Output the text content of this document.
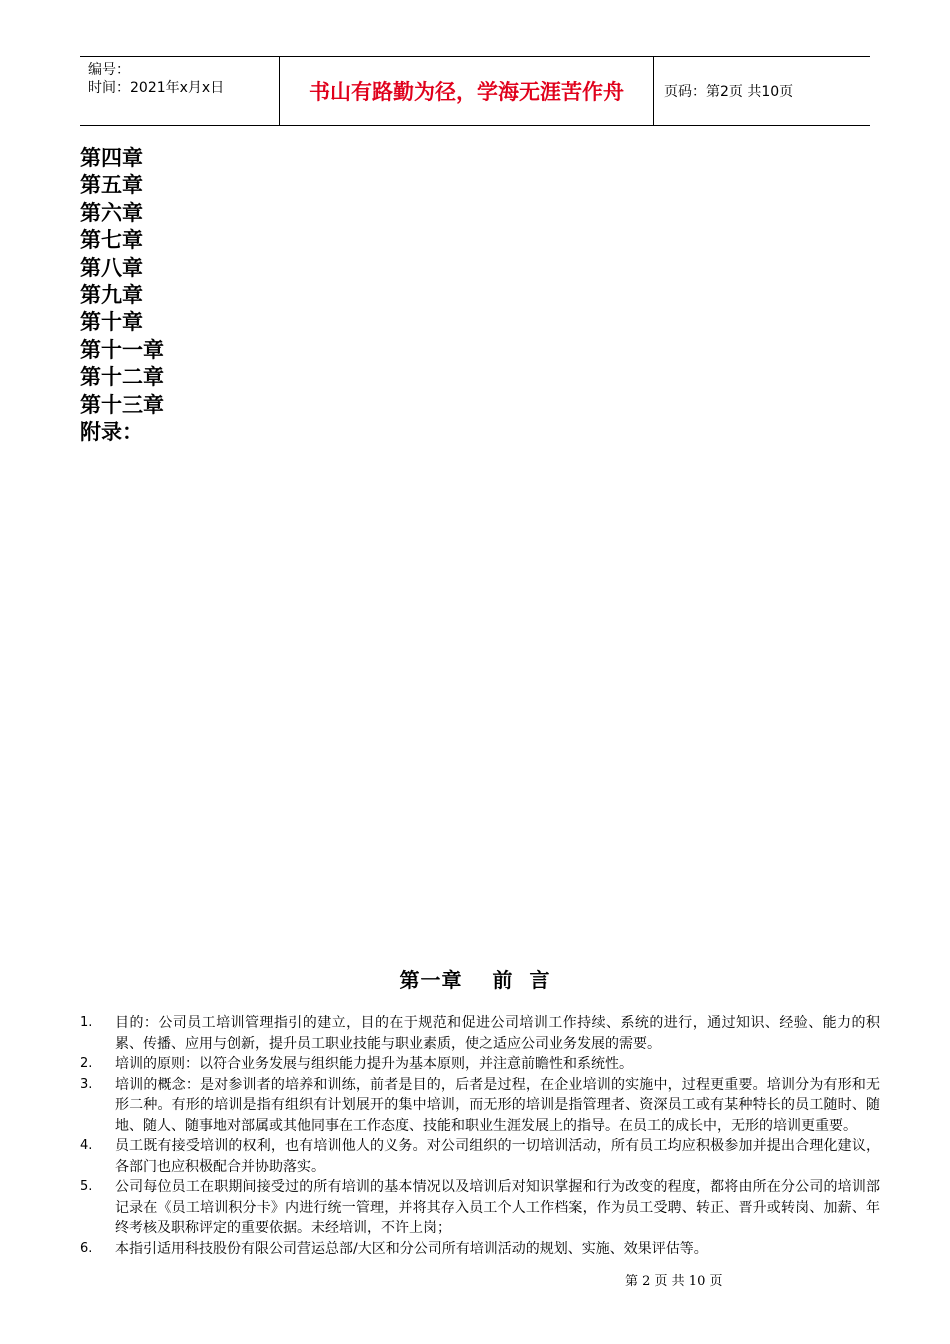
编号：
时间：2021年x月x日	书山有路勤为径，学海无涯苦作舟	页码：第2页 共10页
第四章
第五章
第六章
第七章
第八章
第九章
第十章
第十一章
第十二章
第十三章
附录：
第一章 前  言
1.	目的：公司员工培训管理指引的建立，目的在于规范和促进公司培训工作持续、系统的进行，通过知识、经验、能力的积累、传播、应用与创新，提升员工职业技能与职业素质，使之适应公司业务发展的需要。
2.	培训的原则：以符合业务发展与组织能力提升为基本原则，并注意前瞻性和系统性。
3.	培训的概念：是对参训者的培养和训练，前者是目的，后者是过程，在企业培训的实施中，过程更重要。培训分为有形和无形二种。有形的培训是指有组织有计划展开的集中培训，而无形的培训是指管理者、资深员工或有某种特长的员工随时、随地、随人、随事地对部属或其他同事在工作态度、技能和职业生涯发展上的指导。在员工的成长中，无形的培训更重要。
4.	员工既有接受培训的权利，也有培训他人的义务。对公司组织的一切培训活动，所有员工均应积极参加并提出合理化建议，各部门也应积极配合并协助落实。
5.	公司每位员工在职期间接受过的所有培训的基本情况以及培训后对知识掌握和行为改变的程度，都将由所在分公司的培训部记录在《员工培训积分卡》内进行统一管理，并将其存入员工个人工作档案，作为员工受聘、转正、晋升或转岗、加薪、年终考核及职称评定的重要依据。未经培训，不许上岗；
6.	本指引适用科技股份有限公司营运总部/大区和分公司所有培训活动的规划、实施、效果评估等。
第 2 页 共 10 页
